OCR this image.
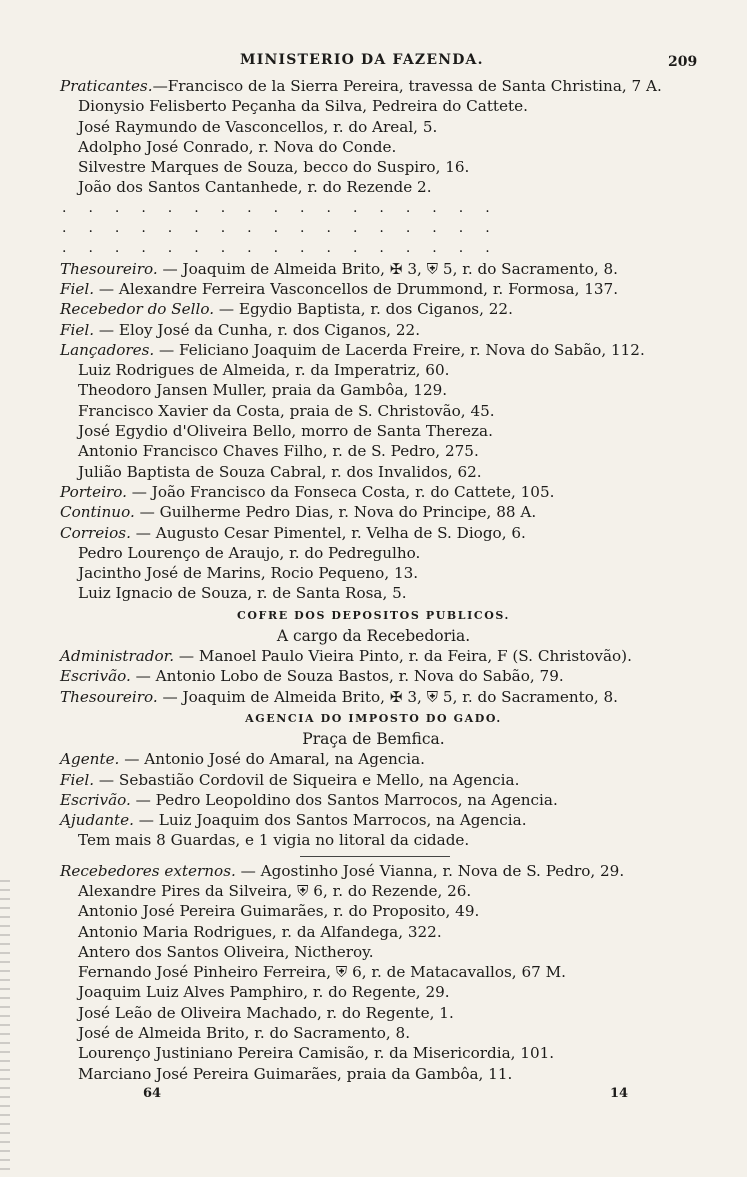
MINISTERIO DA FAZENDA.	209
Praticantes.—Francisco de la Sierra Pereira, travessa de Santa Christina, 7 A.
Dionysio Felisberto Peçanha da Silva, Pedreira do Cattete.
José Raymundo de Vasconcellos, r. do Areal, 5.
Adolpho José Conrado, r. Nova do Conde.
Silvestre Marques de Souza, becco do Suspiro, 16.
João dos Santos Cantanhede, r. do Rezende 2.
.................
.................
.................
Thesoureiro. — Joaquim de Almeida Brito, ✠ 3, ⛨ 5, r. do Sacramento, 8.
Fiel. — Alexandre Ferreira Vasconcellos de Drummond, r. Formosa, 137.
Recebedor do Sello. — Egydio Baptista, r. dos Ciganos, 22.
Fiel. — Eloy José da Cunha, r. dos Ciganos, 22.
Lançadores. — Feliciano Joaquim de Lacerda Freire, r. Nova do Sabão, 112.
Luiz Rodrigues de Almeida, r. da Imperatriz, 60.
Theodoro Jansen Muller, praia da Gambôa, 129.
Francisco Xavier da Costa, praia de S. Christovão, 45.
José Egydio d'Oliveira Bello, morro de Santa Thereza.
Antonio Francisco Chaves Filho, r. de S. Pedro, 275.
Julião Baptista de Souza Cabral, r. dos Invalidos, 62.
Porteiro. — João Francisco da Fonseca Costa, r. do Cattete, 105.
Continuo. — Guilherme Pedro Dias, r. Nova do Principe, 88 A.
Correios. — Augusto Cesar Pimentel, r. Velha de S. Diogo, 6.
Pedro Lourenço de Araujo, r. do Pedregulho.
Jacintho José de Marins, Rocio Pequeno, 13.
Luiz Ignacio de Souza, r. de Santa Rosa, 5.
COFRE DOS DEPOSITOS PUBLICOS.
A cargo da Recebedoria.
Administrador. — Manoel Paulo Vieira Pinto, r. da Feira, F (S. Christovão).
Escrivão. — Antonio Lobo de Souza Bastos, r. Nova do Sabão, 79.
Thesoureiro. — Joaquim de Almeida Brito, ✠ 3, ⛨ 5, r. do Sacramento, 8.
AGENCIA DO IMPOSTO DO GADO.
Praça de Bemfica.
Agente. — Antonio José do Amaral, na Agencia.
Fiel. — Sebastião Cordovil de Siqueira e Mello, na Agencia.
Escrivão. — Pedro Leopoldino dos Santos Marrocos, na Agencia.
Ajudante. — Luiz Joaquim dos Santos Marrocos, na Agencia.
Tem mais 8 Guardas, e 1 vigia no litoral da cidade.
Recebedores externos. — Agostinho José Vianna, r. Nova de S. Pedro, 29.
Alexandre Pires da Silveira, ⛨ 6, r. do Rezende, 26.
Antonio José Pereira Guimarães, r. do Proposito, 49.
Antonio Maria Rodrigues, r. da Alfandega, 322.
Antero dos Santos Oliveira, Nictheroy.
Fernando José Pinheiro Ferreira, ⛨ 6, r. de Matacavallos, 67 M.
Joaquim Luiz Alves Pamphiro, r. do Regente, 29.
José Leão de Oliveira Machado, r. do Regente, 1.
José de Almeida Brito, r. do Sacramento, 8.
Lourenço Justiniano Pereira Camisão, r. da Misericordia, 101.
Marciano José Pereira Guimarães, praia da Gambôa, 11.
64	14
